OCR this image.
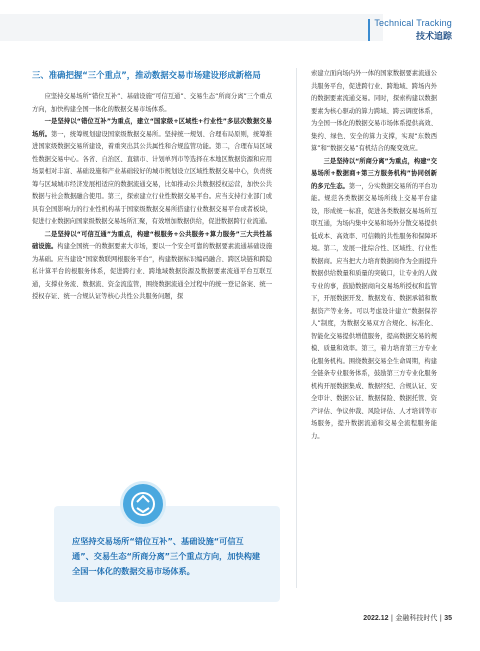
Technical Tracking
技术追踪
三、准确把握“三个重点”，推动数据交易市场建设形成新格局

应坚持交易场所“错位互补”、基础设施“可信互通”、交易生态“所商分离”三个重点方向，加快构建全国一体化的数据交易市场体系。

一是坚持以“错位互补”为重点，建立“国家级+区域性+行业性”多层次数据交易场所。第一，统筹规划建设国家级数据交易所。坚持统一规划、合理布局原则，统筹推进国家级数据交易所建设，着重突出其公共属性和合规监管功能。第二，合理布局区域性数据交易中心。各省、自治区、直辖市、计划单列市等选择在本地区数据资源和应用场景相对丰富、基础设施和产业基础较好的城市规划设立区域性数据交易中心，负责统筹与区域城市经济发展相适应的数据流通交易，比如推动公共数据授权运营，加快公共数据与社会数据融合使用。第三，探索建立行业性数据交易平台。应当支持行业部门或具有全国影响力的行业性机构基于国家级数据交易所搭建行业数据交易平台或者板块，促进行业数据向国家级数据交易场所汇聚，有效增加数据供给，促进数据跨行业流通。

二是坚持以“可信互通”为重点，构建“根服务+公共服务+算力服务”三大共性基础设施。构建全国统一的数据要素大市场，要以一个安全可靠的数据要素流通基础设施为基础。应当建设“国家数联网根服务平台”，构建数据标识编码融合、跨区块链和跨隐私计算平台的根服务体系，促进跨行业、跨地域数据资源及数据要素流通平台互联互通，支撑业务流、数据流、资金流监管，围绕数据流通全过程中的统一登记备案、统一授权存证、统一合规认证等核心共性公共服务问题，探

索建立面向场内外一体的国家数据要素流通公共服务平台，促进跨行业、跨地域、跨场内外的数据要素流通交易。同时，探索构建以数据要素为核心驱动的算力跨域、跨云调度体系，为全国一体化的数据交易市场体系提供高效、集约、绿色、安全的算力支撑，实现“东数西算”和“数据交易”有机结合的聚变效应。

三是坚持以“所商分离”为重点，构建“交易场所+数据商+第三方服务机构”协同创新的多元生态。第一，分实数据交易所的平台功能。规范各类数据交易场所线上交易平台建设，形成统一标准，促进各类数据交易场所互联互通，为场内集中交易和场外分散交易提供低成本、高效率、可信赖的共性服务和保障环境。第二，发展一批综合性、区域性、行业性数据商。应当把大力培育数据商作为全面提升数据供给数量和质量的突破口，让专业的人做专业的事，鼓励数据商向交易场所授权和监管下，开展数据开发、数据发布、数据承销和数据资产等业务。可以考虑设计建立“数据保荐人”制度，为数据交易双方合规化、标准化、智能化交易提供增值服务，提高数据交易的规模、质量和效率。第三，着力培育第三方专业化服务机构。围绕数据交易全生命周期，构建全链条专业服务体系，鼓励第三方专业化服务机构开展数据集成、数据经纪、合规认证、安全审计、数据公证、数据保险、数据托管、资产评估、争议仲裁、风险评估、人才培训等市场服务，提升数据流通和交易全流程服务能力。

应坚持交易场所“错位互补”、基础设施“可信互通”、交易生态“所商分离”三个重点方向，加快构建全国一体化的数据交易市场体系。
2022.12 | 金融科技时代 | 35
